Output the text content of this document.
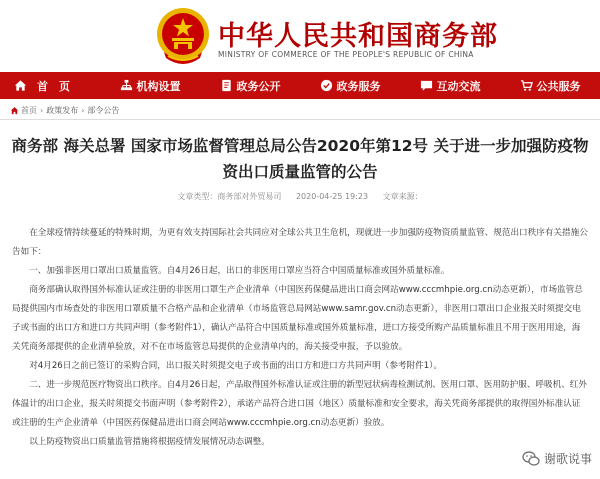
中华人民共和国商务部
MINISTRY OF COMMERCE OF THE PEOPLE'S REPUBLIC OF CHINA
首　页	机构设置	政务公开	政务服务	互动交流	公共服务
首页 › 政策发布 › 部令公告
商务部 海关总署 国家市场监督管理总局公告2020年第12号 关于进一步加强防疫物资出口质量监管的公告
文章类型：商务部对外贸易司 2020-04-25 19:23 文章来源：

在全球疫情持续蔓延的特殊时期，为更有效支持国际社会共同应对全球公共卫生危机，现就进一步加强防疫物资质量监管、规范出口秩序有关措施公告如下：

一、加强非医用口罩出口质量监管。自4月26日起，出口的非医用口罩应当符合中国质量标准或国外质量标准。

商务部确认取得国外标准认证或注册的非医用口罩生产企业清单（中国医药保健品进出口商会网站www.cccmhpie.org.cn动态更新），市场监管总局提供国内市场查处的非医用口罩质量不合格产品和企业清单（市场监管总局网站www.samr.gov.cn动态更新），非医用口罩出口企业报关时须提交电子或书面的出口方和进口方共同声明（参考附件1），确认产品符合中国质量标准或国外质量标准，进口方接受所购产品质量标准且不用于医用用途，海关凭商务部提供的企业清单验放，对不在市场监管总局提供的企业清单内的，海关接受申报，予以验放。

对4月26日之前已签订的采购合同，出口报关时须提交电子或书面的出口方和进口方共同声明（参考附件1）。

二、进一步规范医疗物资出口秩序。自4月26日起，产品取得国外标准认证或注册的新型冠状病毒检测试剂、医用口罩、医用防护服、呼吸机、红外体温计的出口企业，报关时须提交书面声明（参考附件2），承诺产品符合进口国（地区）质量标准和安全要求，海关凭商务部提供的取得国外标准认证或注册的生产企业清单（中国医药保健品进出口商会网站www.cccmhpie.org.cn动态更新）验放。

以上防疫物资出口质量监管措施将根据疫情发展情况动态调整。

谢歌说事
